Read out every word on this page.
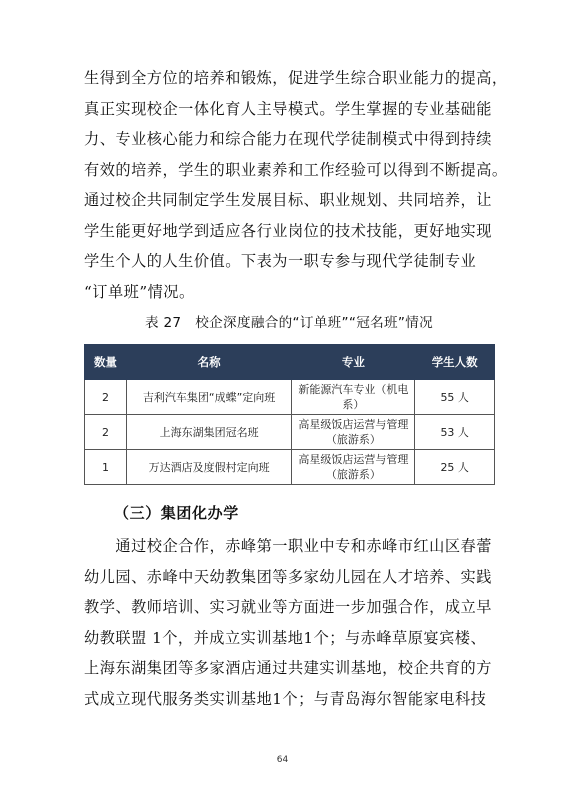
生得到全方位的培养和锻炼，促进学生综合职业能力的提高，
真正实现校企一体化育人主导模式。学生掌握的专业基础能
力、专业核心能力和综合能力在现代学徒制模式中得到持续
有效的培养，学生的职业素养和工作经验可以得到不断提高。
通过校企共同制定学生发展目标、职业规划、共同培养，让
学生能更好地学到适应各行业岗位的技术技能，更好地实现
学生个人的人生价值。下表为一职专参与现代学徒制专业
“订单班”情况。
表 27　校企深度融合的“订单班”“冠名班”情况
数量	名称	专业	学生人数
2	吉利汽车集团“成蝶”定向班	新能源汽车专业（机电系）	55 人
2	上海东湖集团冠名班	高星级饭店运营与管理（旅游系）	53 人
1	万达酒店及度假村定向班	高星级饭店运营与管理（旅游系）	25 人
（三）集团化办学
　　通过校企合作，赤峰第一职业中专和赤峰市红山区春蕾
幼儿园、赤峰中天幼教集团等多家幼儿园在人才培养、实践
教学、教师培训、实习就业等方面进一步加强合作，成立早
幼教联盟 1个，并成立实训基地1个；与赤峰草原宴宾楼、
上海东湖集团等多家酒店通过共建实训基地，校企共育的方
式成立现代服务类实训基地1个；与青岛海尔智能家电科技
64
